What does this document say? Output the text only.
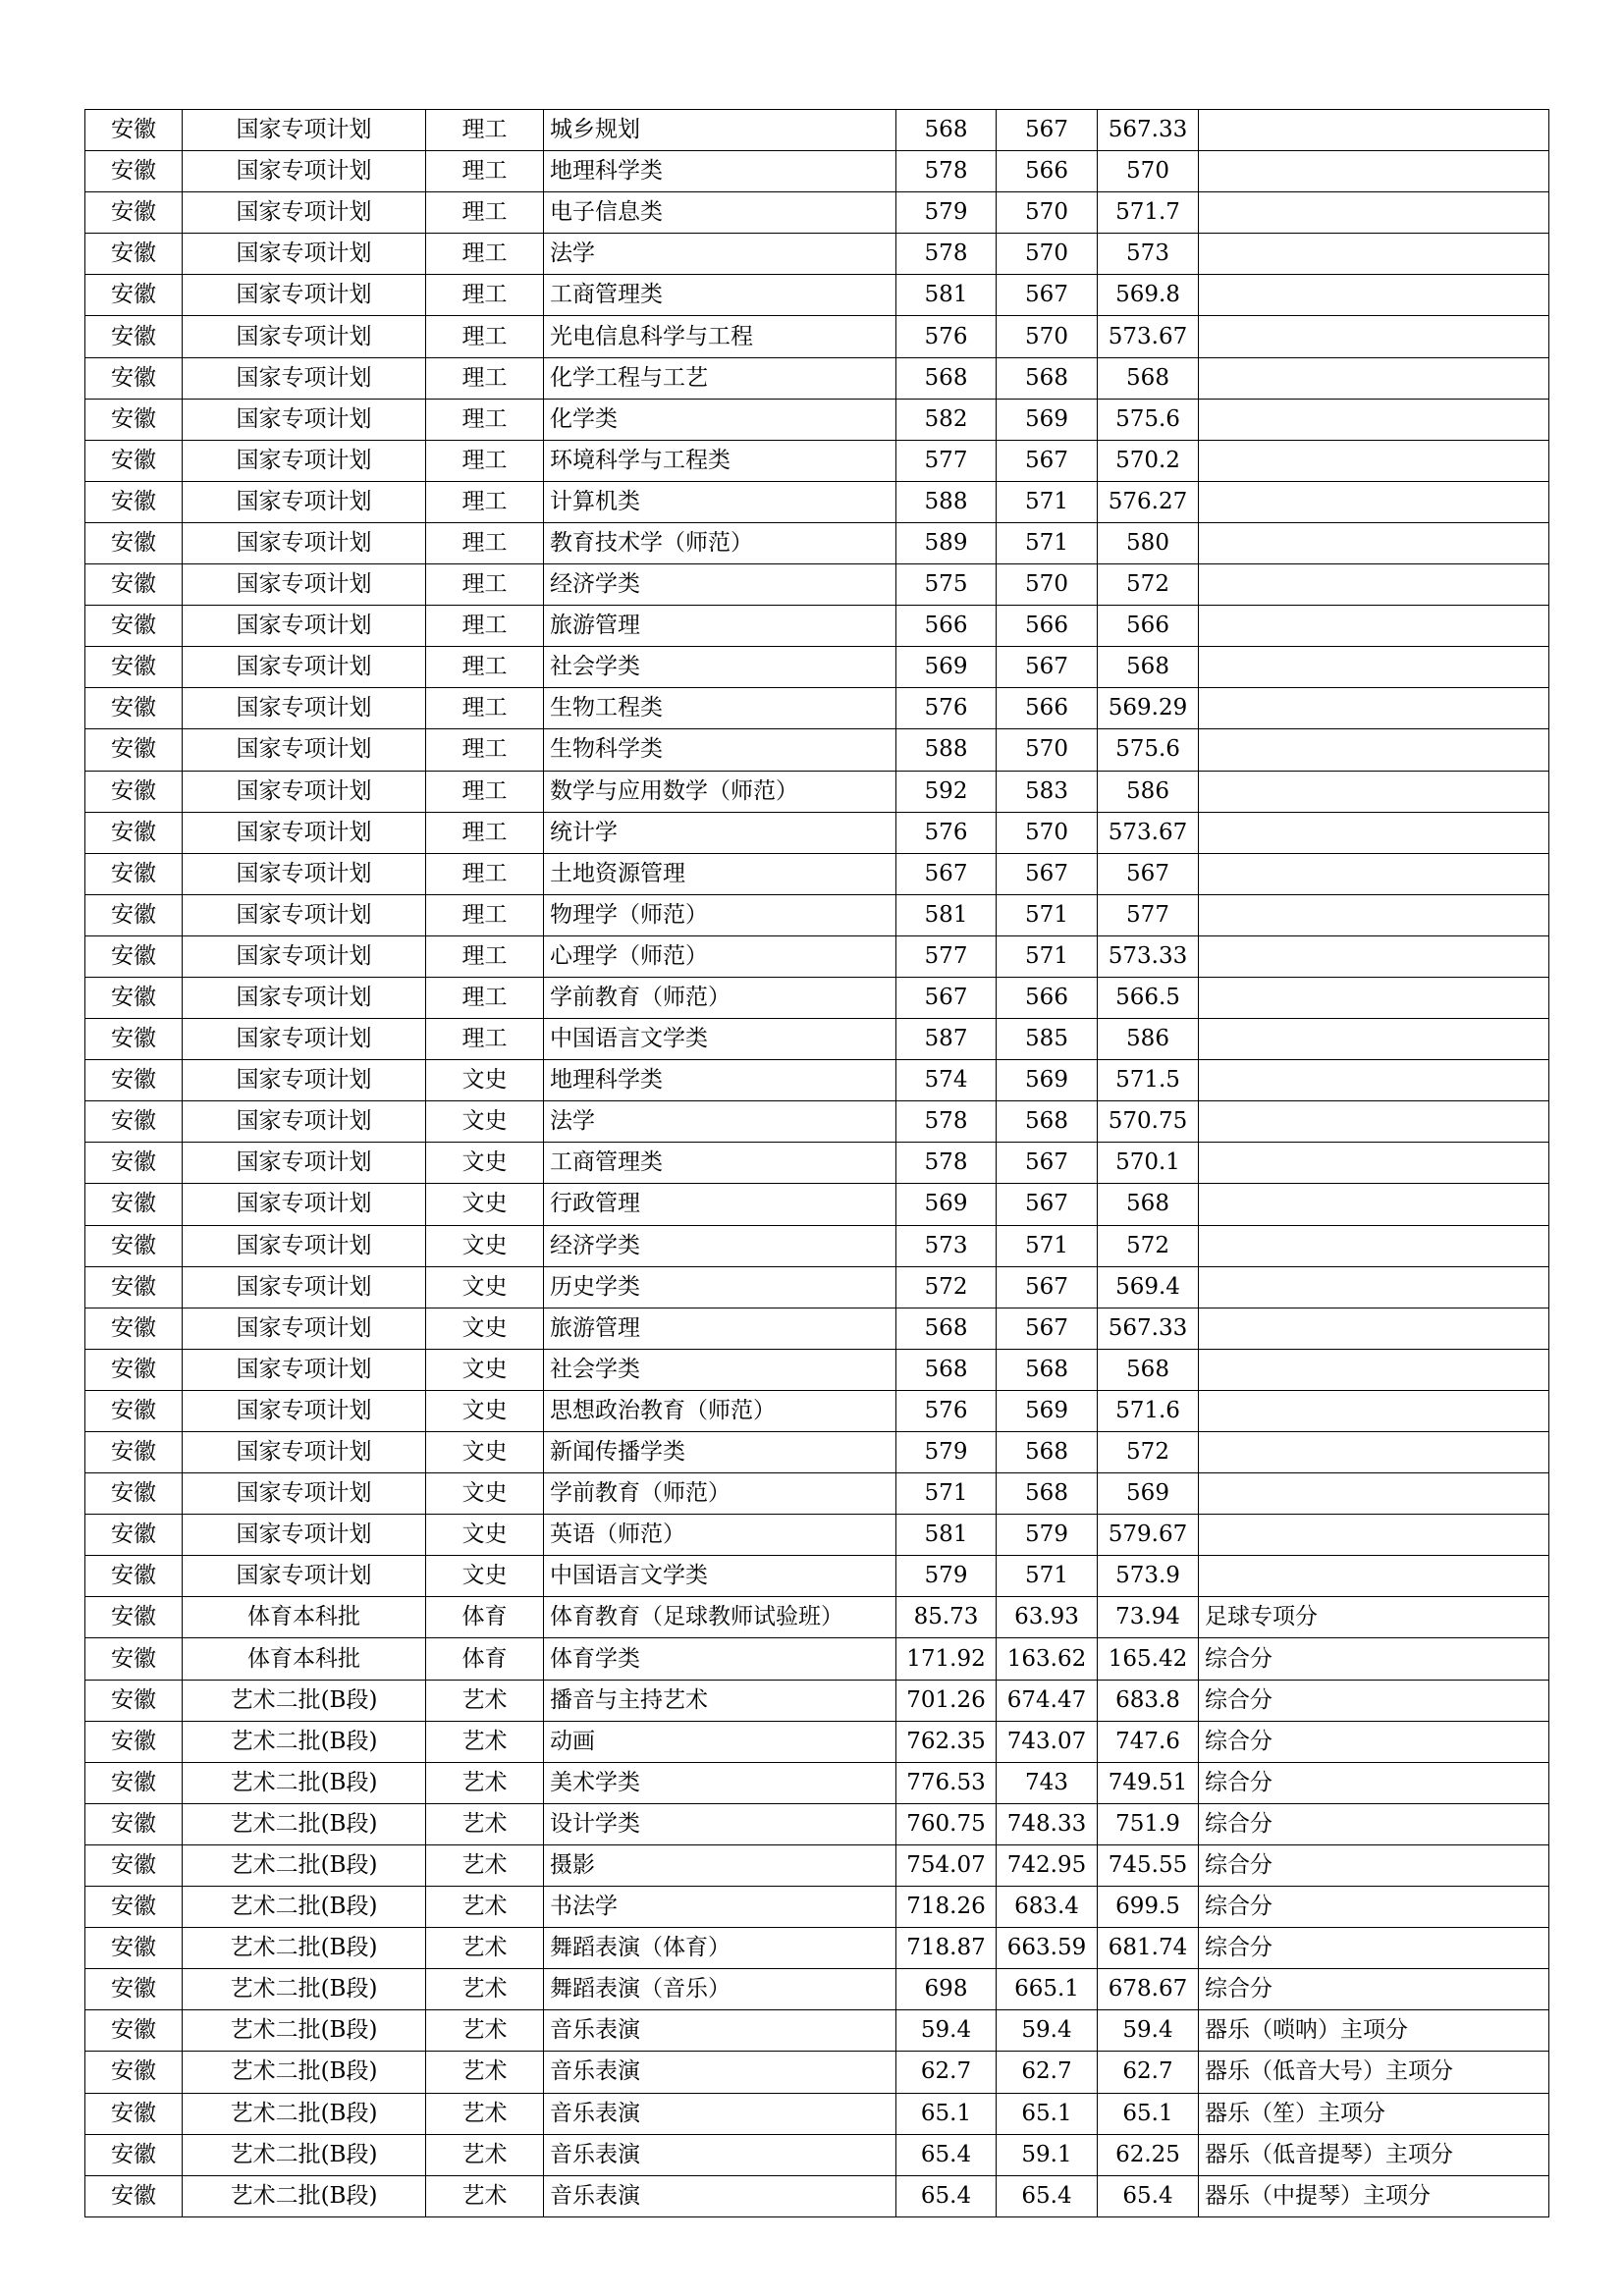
安徽	国家专项计划	理工	城乡规划	568	567	567.33	
安徽	国家专项计划	理工	地理科学类	578	566	570	
安徽	国家专项计划	理工	电子信息类	579	570	571.7	
安徽	国家专项计划	理工	法学	578	570	573	
安徽	国家专项计划	理工	工商管理类	581	567	569.8	
安徽	国家专项计划	理工	光电信息科学与工程	576	570	573.67	
安徽	国家专项计划	理工	化学工程与工艺	568	568	568	
安徽	国家专项计划	理工	化学类	582	569	575.6	
安徽	国家专项计划	理工	环境科学与工程类	577	567	570.2	
安徽	国家专项计划	理工	计算机类	588	571	576.27	
安徽	国家专项计划	理工	教育技术学（师范）	589	571	580	
安徽	国家专项计划	理工	经济学类	575	570	572	
安徽	国家专项计划	理工	旅游管理	566	566	566	
安徽	国家专项计划	理工	社会学类	569	567	568	
安徽	国家专项计划	理工	生物工程类	576	566	569.29	
安徽	国家专项计划	理工	生物科学类	588	570	575.6	
安徽	国家专项计划	理工	数学与应用数学（师范）	592	583	586	
安徽	国家专项计划	理工	统计学	576	570	573.67	
安徽	国家专项计划	理工	土地资源管理	567	567	567	
安徽	国家专项计划	理工	物理学（师范）	581	571	577	
安徽	国家专项计划	理工	心理学（师范）	577	571	573.33	
安徽	国家专项计划	理工	学前教育（师范）	567	566	566.5	
安徽	国家专项计划	理工	中国语言文学类	587	585	586	
安徽	国家专项计划	文史	地理科学类	574	569	571.5	
安徽	国家专项计划	文史	法学	578	568	570.75	
安徽	国家专项计划	文史	工商管理类	578	567	570.1	
安徽	国家专项计划	文史	行政管理	569	567	568	
安徽	国家专项计划	文史	经济学类	573	571	572	
安徽	国家专项计划	文史	历史学类	572	567	569.4	
安徽	国家专项计划	文史	旅游管理	568	567	567.33	
安徽	国家专项计划	文史	社会学类	568	568	568	
安徽	国家专项计划	文史	思想政治教育（师范）	576	569	571.6	
安徽	国家专项计划	文史	新闻传播学类	579	568	572	
安徽	国家专项计划	文史	学前教育（师范）	571	568	569	
安徽	国家专项计划	文史	英语（师范）	581	579	579.67	
安徽	国家专项计划	文史	中国语言文学类	579	571	573.9	
安徽	体育本科批	体育	体育教育（足球教师试验班）	85.73	63.93	73.94	足球专项分
安徽	体育本科批	体育	体育学类	171.92	163.62	165.42	综合分
安徽	艺术二批(B段)	艺术	播音与主持艺术	701.26	674.47	683.8	综合分
安徽	艺术二批(B段)	艺术	动画	762.35	743.07	747.6	综合分
安徽	艺术二批(B段)	艺术	美术学类	776.53	743	749.51	综合分
安徽	艺术二批(B段)	艺术	设计学类	760.75	748.33	751.9	综合分
安徽	艺术二批(B段)	艺术	摄影	754.07	742.95	745.55	综合分
安徽	艺术二批(B段)	艺术	书法学	718.26	683.4	699.5	综合分
安徽	艺术二批(B段)	艺术	舞蹈表演（体育）	718.87	663.59	681.74	综合分
安徽	艺术二批(B段)	艺术	舞蹈表演（音乐）	698	665.1	678.67	综合分
安徽	艺术二批(B段)	艺术	音乐表演	59.4	59.4	59.4	器乐（唢呐）主项分
安徽	艺术二批(B段)	艺术	音乐表演	62.7	62.7	62.7	器乐（低音大号）主项分
安徽	艺术二批(B段)	艺术	音乐表演	65.1	65.1	65.1	器乐（笙）主项分
安徽	艺术二批(B段)	艺术	音乐表演	65.4	59.1	62.25	器乐（低音提琴）主项分
安徽	艺术二批(B段)	艺术	音乐表演	65.4	65.4	65.4	器乐（中提琴）主项分
